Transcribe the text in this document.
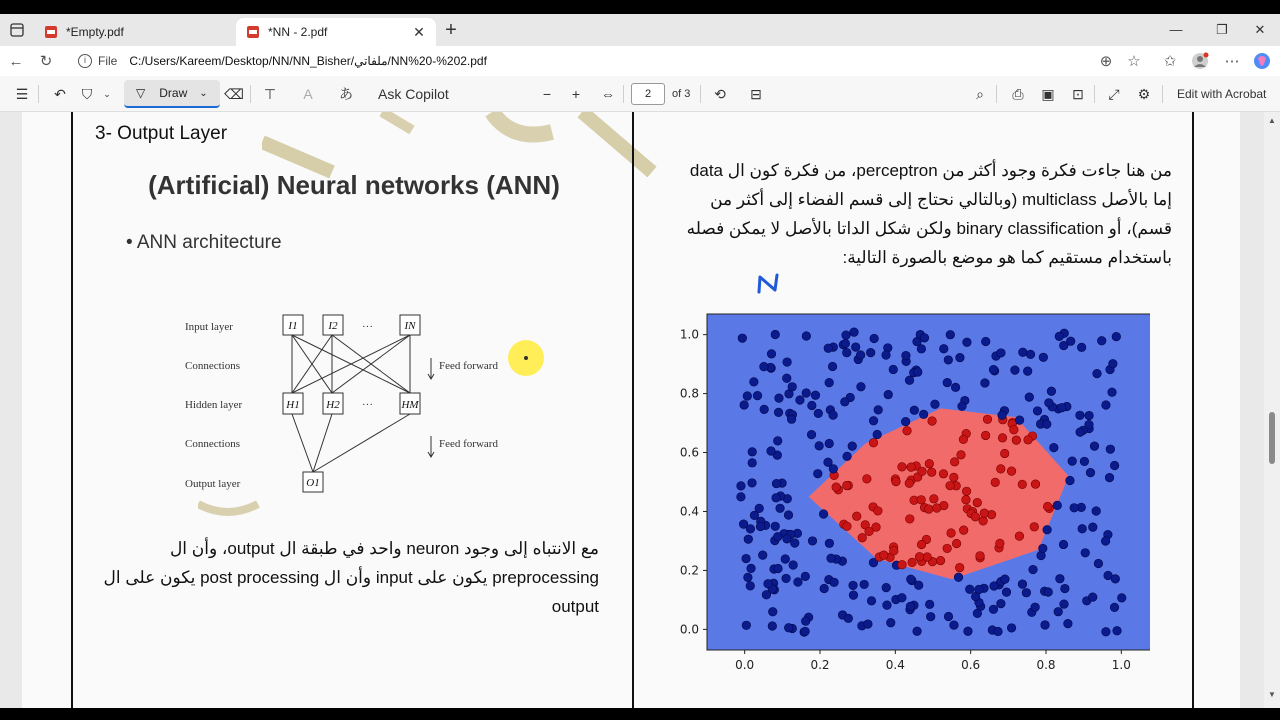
*Empty.pdf	*NN - 2.pdf	✕ +	—	❐	✕
← ↻	i	File C:/Users/Kareem/Desktop/NN/NN_Bisher/ملفاتي/NN%20-%202.pdf	⊕ ☆ ✩	⋯
☰ ↶	⛉	⌄ ▽ Draw ⌄ ⌫ ⊤	A	あ Ask Copilot	−	+	⇔	2	of 3 ⟲ ⊟	⌕	⎙	▣ ⊡	⤢	⚙	Edit with Acrobat
3- Output Layer
(Artificial) Neural networks (ANN)
• ANN architecture
Input layer
Connections
Hidden layer
Connections
Output layer
Feed forward
Feed forward
···
···
I1	I2	IN
H1 H2	HM
O1
مع الانتباه إلى وجود neuron واحد في طبقة ال output، وأن ال preprocessing يكون على input وأن ال post processing يكون على ال output
من هنا جاءت فكرة وجود أكثر من perceptron، من فكرة كون ال data إما بالأصل multiclass (وبالتالي نحتاج إلى قسم الفضاء إلى أكثر من قسم)، أو binary classification ولكن شكل الداتا بالأصل لا يمكن فصله باستخدام مستقيم كما هو موضع بالصورة التالية:
0.0	0.2	0.4	0.6	0.8	1.0
0.0
0.2
0.4
0.6
0.8
1.0
▲
▼
